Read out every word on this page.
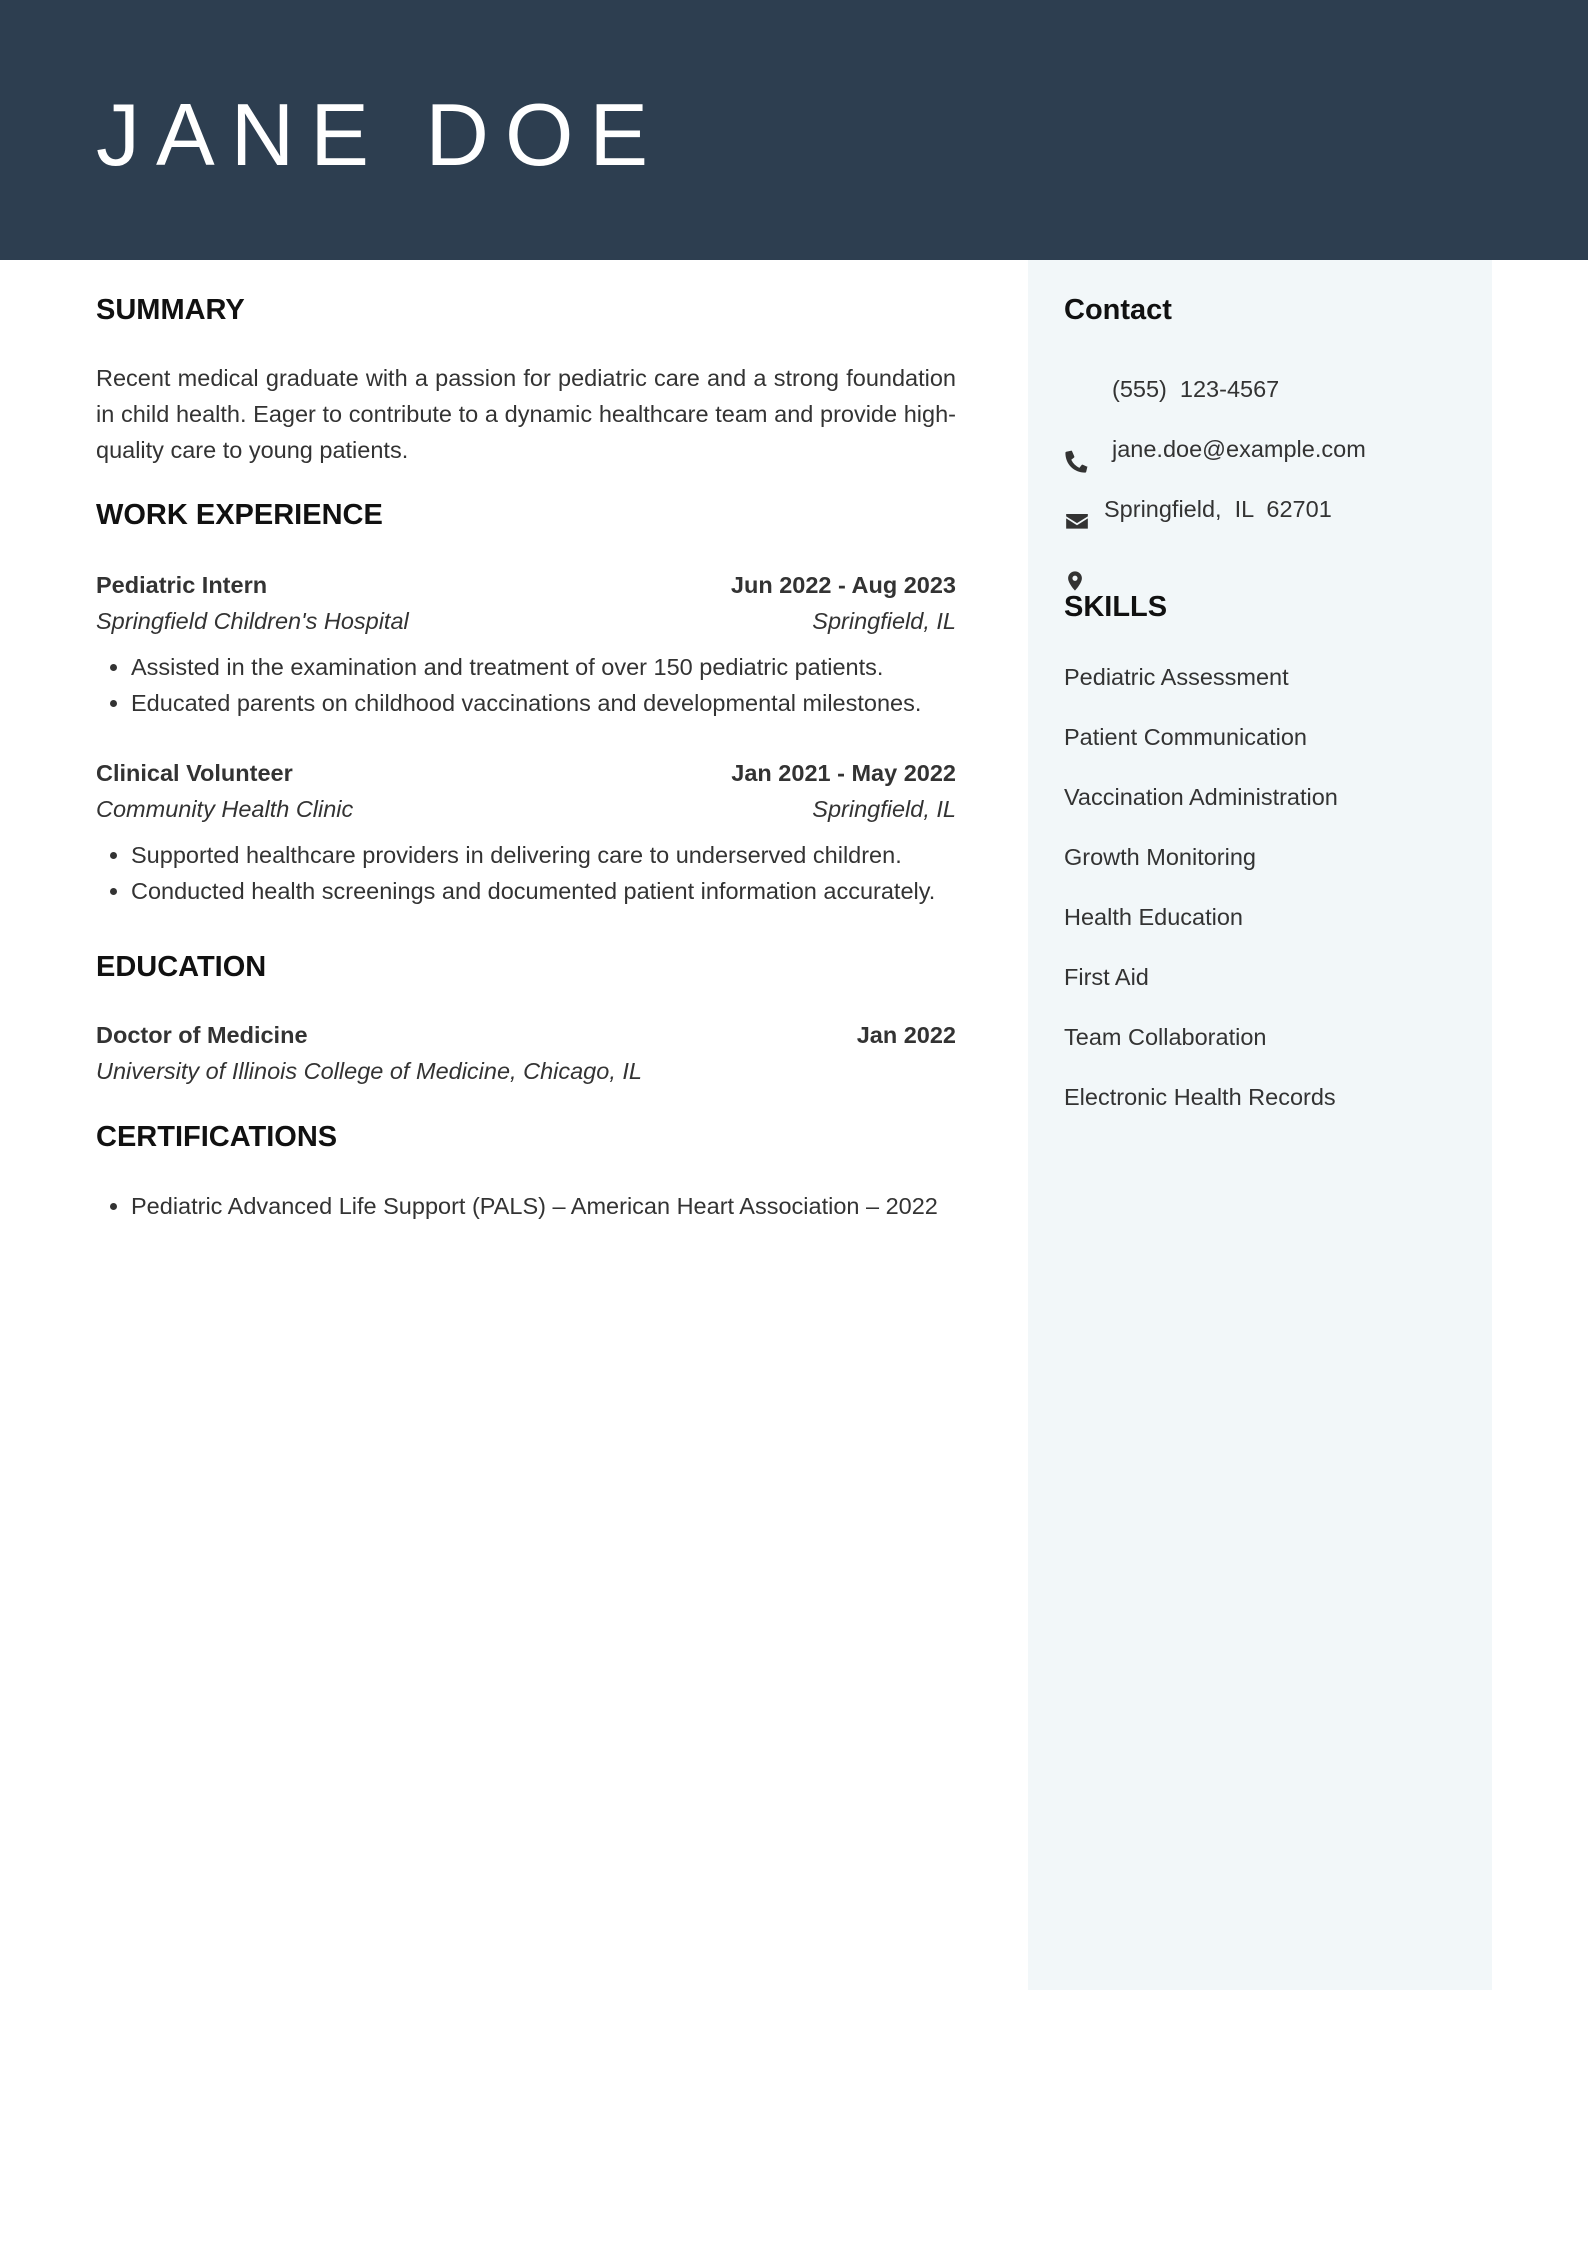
JANE DOE
SUMMARY

Recent medical graduate with a passion for pediatric care and a strong foundation in child health. Eager to contribute to a dynamic healthcare team and provide high-quality care to young patients.

WORK EXPERIENCE
Pediatric Intern	Jun 2022 - Aug 2023
Springfield Children's Hospital	Springfield, IL
• Assisted in the examination and treatment of over 150 pediatric patients.
• Educated parents on childhood vaccinations and developmental milestones.
Clinical Volunteer	Jan 2021 - May 2022
Community Health Clinic	Springfield, IL
• Supported healthcare providers in delivering care to underserved children.
• Conducted health screenings and documented patient information accurately.
EDUCATION
Doctor of Medicine	Jan 2022
University of Illinois College of Medicine, Chicago, IL
CERTIFICATIONS
• Pediatric Advanced Life Support (PALS) – American Heart Association – 2022
Contact

(555)  123-4567

jane.doe@example.com

Springfield,  IL  62701
SKILLS
Pediatric Assessment
Patient Communication
Vaccination Administration
Growth Monitoring
Health Education
First Aid
Team Collaboration
Electronic Health Records
